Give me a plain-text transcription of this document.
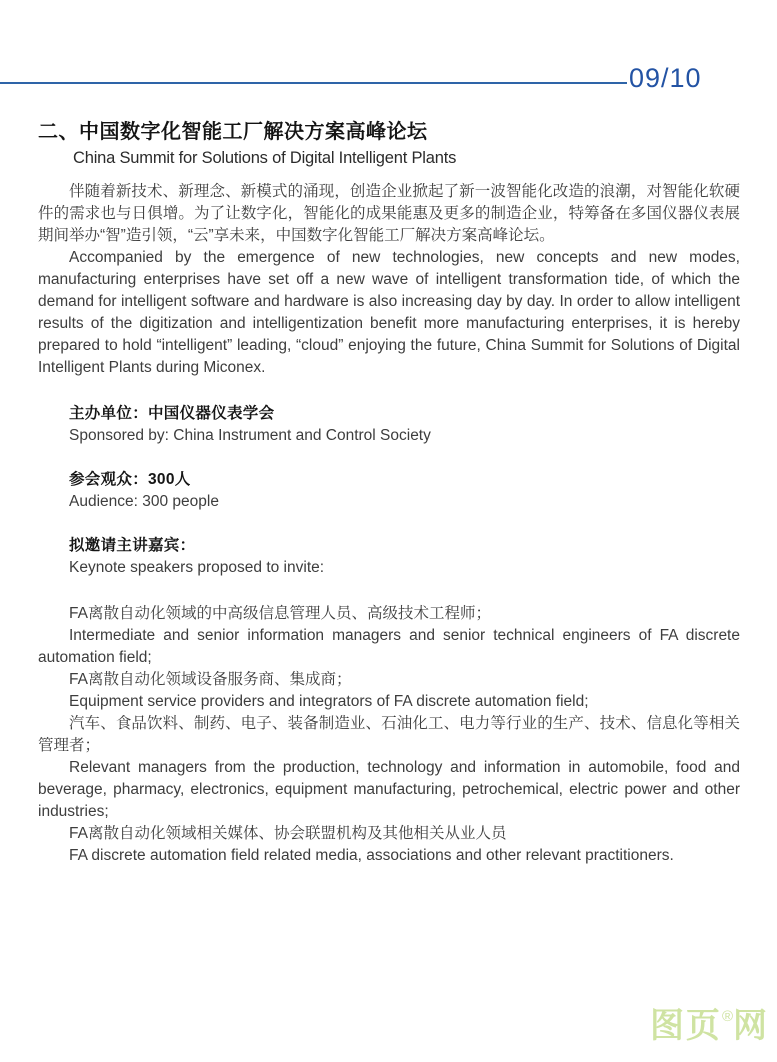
09/10
二、中国数字化智能工厂解决方案高峰论坛
China Summit for Solutions of Digital Intelligent Plants

伴随着新技术、新理念、新模式的涌现，创造企业掀起了新一波智能化改造的浪潮，对智能化软硬件的需求也与日俱增。为了让数字化，智能化的成果能惠及更多的制造企业，特筹备在多国仪器仪表展期间举办“智”造引领，“云”享未来，中国数字化智能工厂解决方案高峰论坛。

Accompanied by the emergence of new technologies, new concepts and new modes, manufacturing enterprises have set off a new wave of intelligent transformation tide, of which the demand for intelligent software and hardware is also increasing day by day. In order to allow intelligent results of the digitization and intelligentization benefit more manufacturing enterprises, it is hereby prepared to hold “intelligent” leading, “cloud” enjoying the future, China Summit for Solutions of Digital Intelligent Plants during Miconex.

主办单位：中国仪器仪表学会

Sponsored by: China Instrument and Control Society

参会观众：300人

Audience: 300 people

拟邀请主讲嘉宾：

Keynote speakers proposed to invite:

FA离散自动化领域的中高级信息管理人员、高级技术工程师；

Intermediate and senior information managers and senior technical engineers of FA discrete automation field;

FA离散自动化领域设备服务商、集成商；

Equipment service providers and integrators of FA discrete automation field;

汽车、食品饮料、制药、电子、装备制造业、石油化工、电力等行业的生产、技术、信息化等相关管理者；

Relevant managers from the production, technology and information in automobile, food and beverage, pharmacy, electronics, equipment manufacturing, petrochemical, electric power and other industries;

FA离散自动化领域相关媒体、协会联盟机构及其他相关从业人员

FA discrete automation field related media, associations and other relevant practitioners.

图页®网
